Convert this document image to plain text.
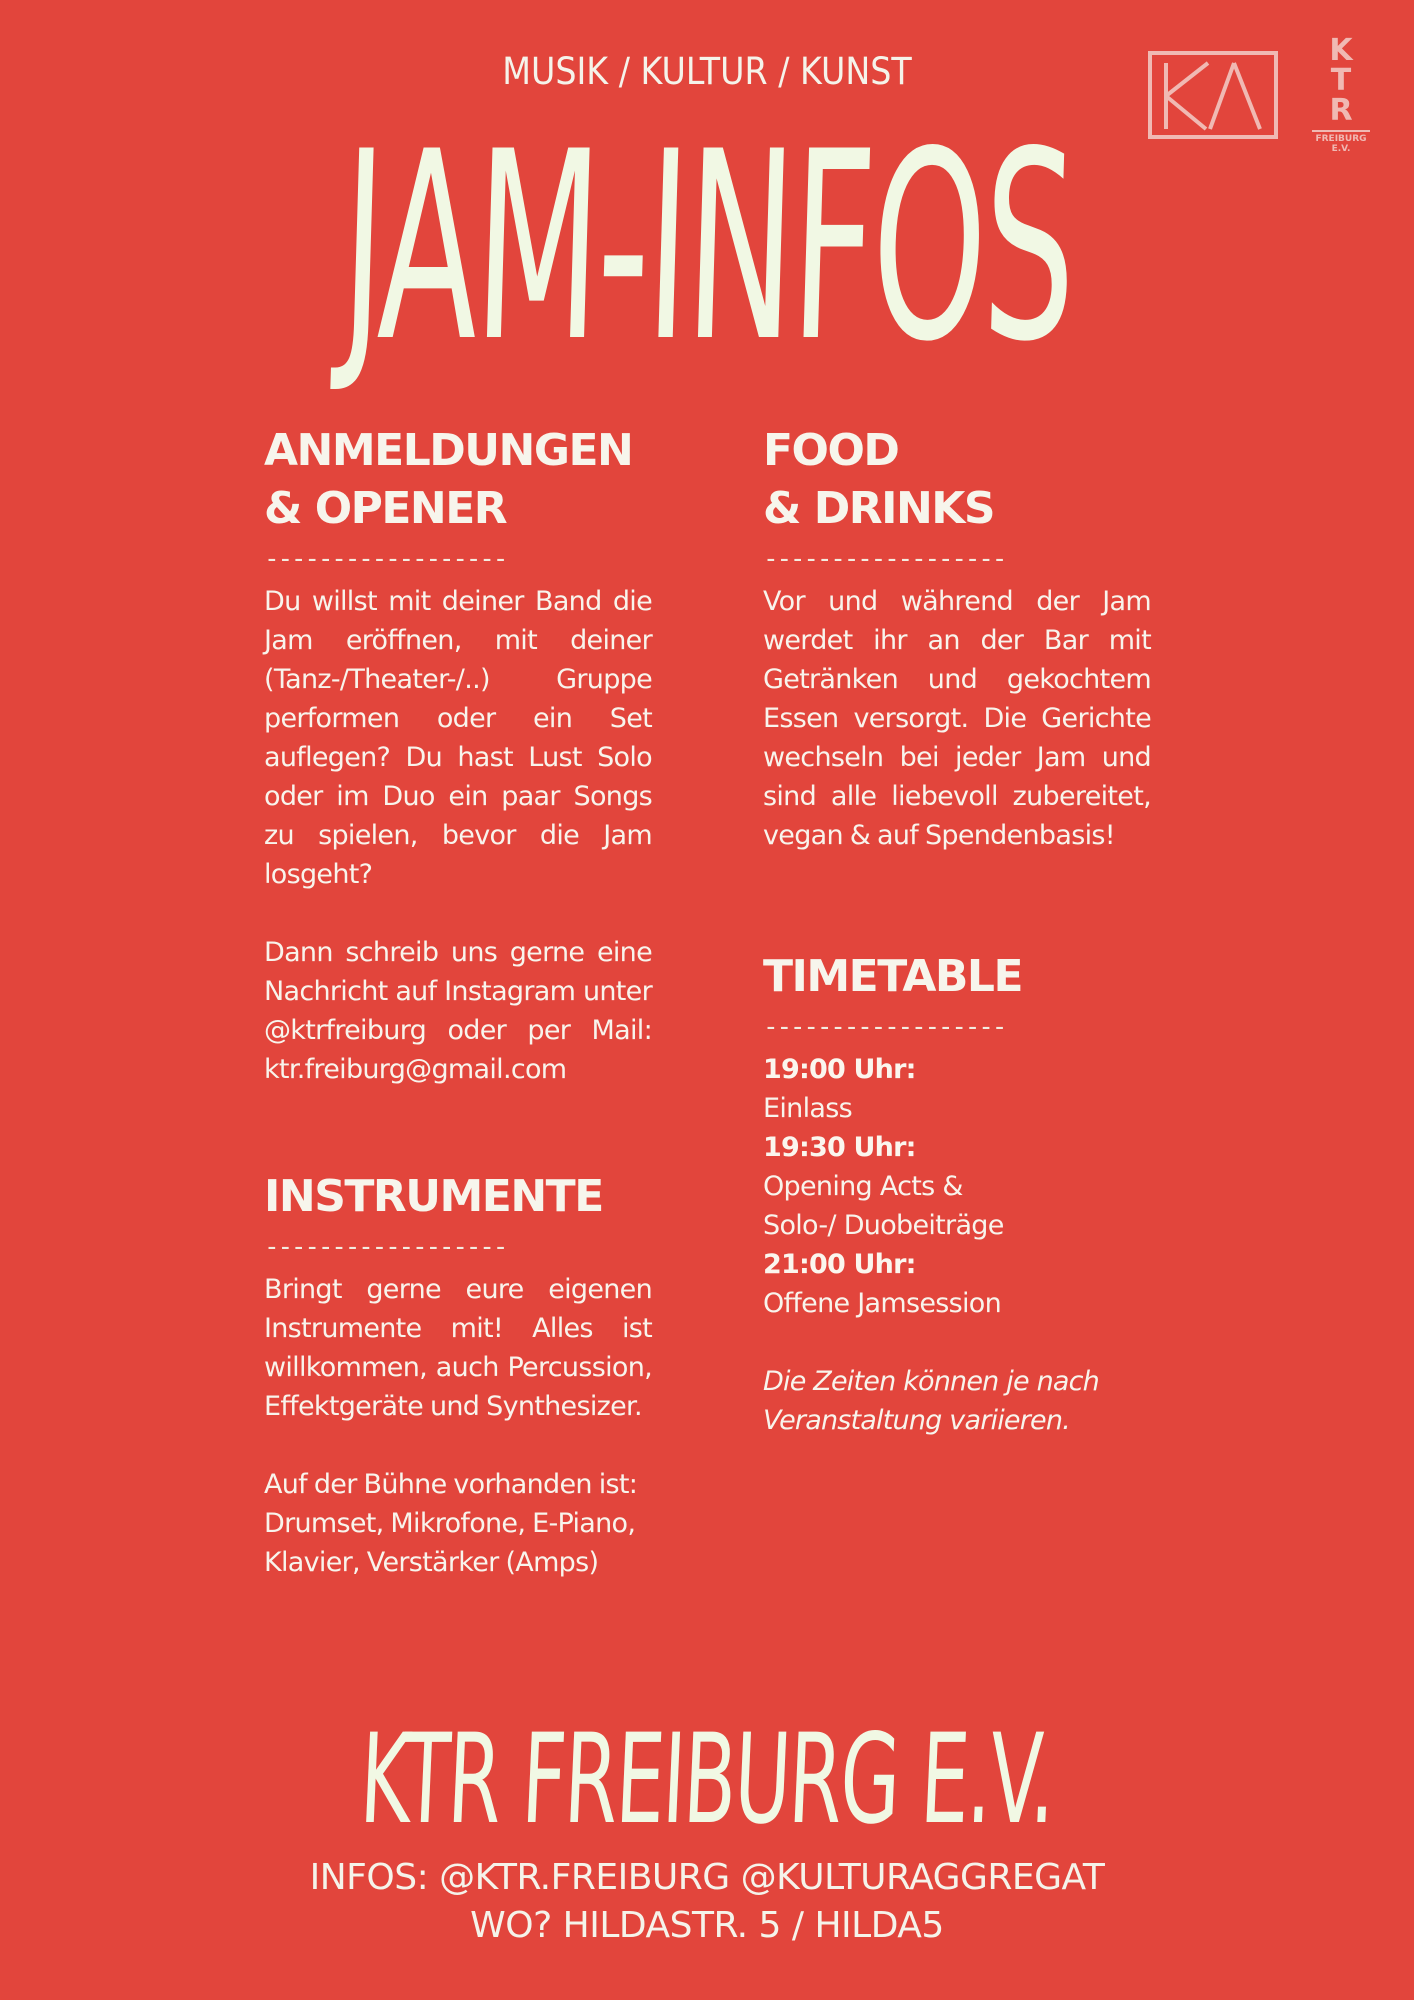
MUSIK / KULTUR / KUNST
JAM-INFOS
K
T
R
FREIBURG
E.V.

ANMELDUNGEN

& OPENER

------------------

Du willst mit deiner Band die Jam eröffnen, mit deiner (Tanz-/Theater-/..) Gruppe performen oder ein Set auflegen? Du hast Lust Solo oder im Duo ein paar Songs zu spielen, bevor die Jam losgeht?

Dann schreib uns gerne eine Nachricht auf Instagram unter @ktrfreiburg oder per Mail: ktr.freiburg@gmail.com

INSTRUMENTE

------------------

Bringt gerne eure eigenen Instrumente mit! Alles ist willkommen, auch Percussion, Effektgeräte und Synthesizer.

Auf der Bühne vorhanden ist:

Drumset, Mikrofone, E-Piano, Klavier, Verstärker (Amps)

FOOD

& DRINKS

------------------

Vor und während der Jam werdet ihr an der Bar mit Getränken und gekochtem Essen versorgt. Die Gerichte wechseln bei jeder Jam und sind alle liebevoll zubereitet, vegan & auf Spendenbasis!

TIMETABLE

------------------

19:00 Uhr:

Einlass

19:30 Uhr:

Opening Acts &

Solo-/ Duobeiträge

21:00 Uhr:

Offene Jamsession

Die Zeiten können je nach

Veranstaltung variieren.

KTR FREIBURG E.V.
INFOS: @KTR.FREIBURG @KULTURAGGREGAT
WO? HILDASTR. 5 / HILDA5
